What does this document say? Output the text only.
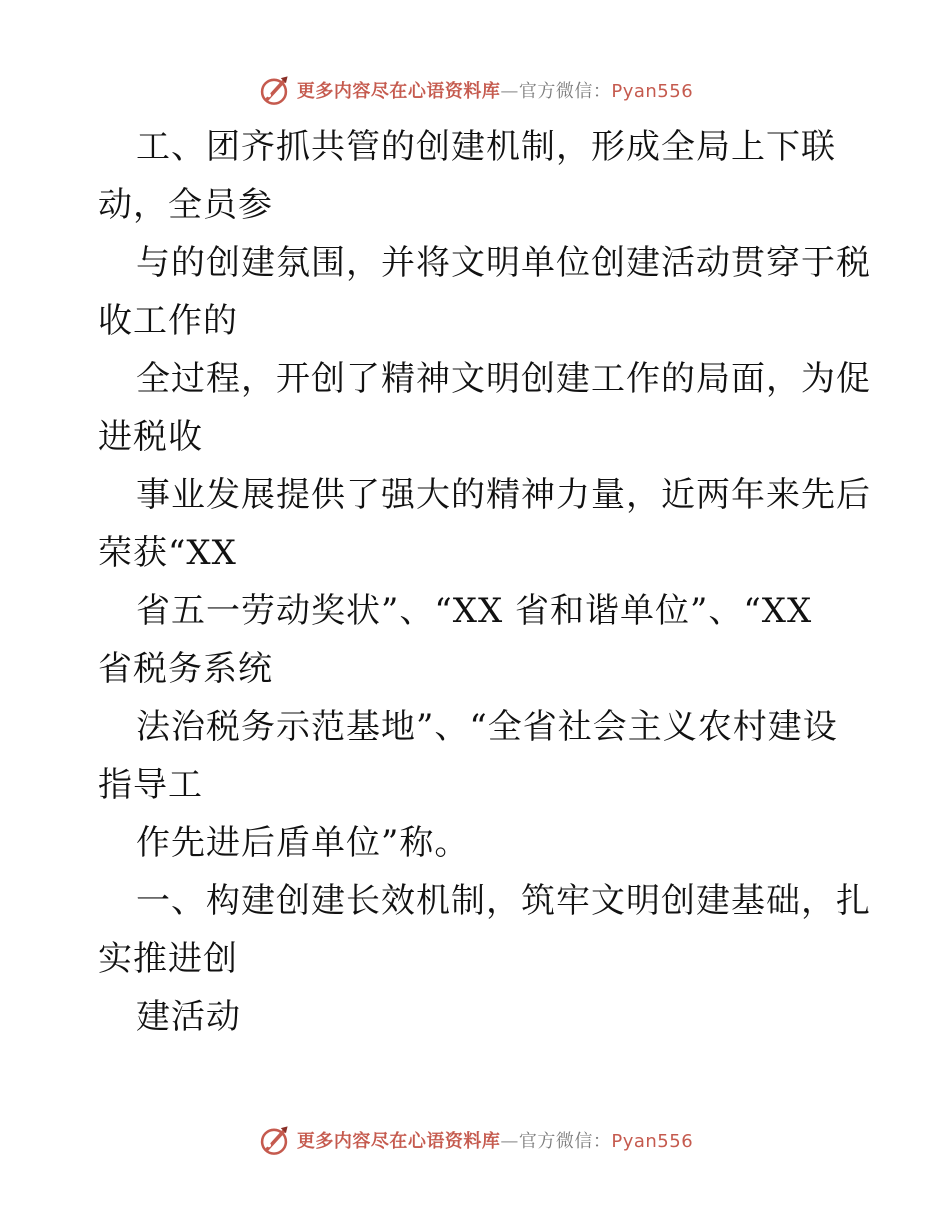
更多内容尽在心语资料库 — 官方微信： Pyan556
工、团齐抓共管的创建机制，形成全局上下联
动，全员参
与的创建氛围，并将文明单位创建活动贯穿于税
收工作的
全过程，开创了精神文明创建工作的局面，为促
进税收
事业发展提供了强大的精神力量，近两年来先后
荣获“XX
省五一劳动奖状”、“XX 省和谐单位”、“XX
省税务系统
法治税务示范基地”、“全省社会主义农村建设
指导工
作先进后盾单位”称。
一、构建创建长效机制，筑牢文明创建基础，扎
实推进创
建活动
更多内容尽在心语资料库 — 官方微信： Pyan556
